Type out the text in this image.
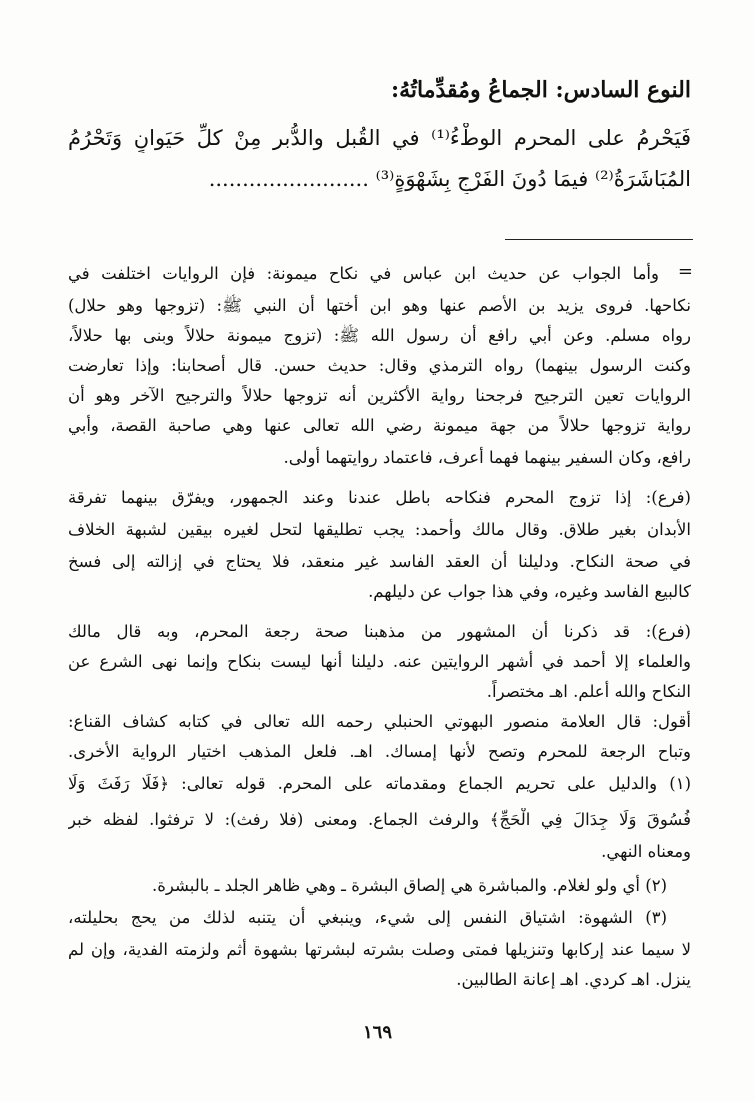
النوع السادس: الجماعُ ومُقدِّماتُهُ:
فَيَحْرمُ على المحرم الوطْءُ⁽¹⁾ في القُبل والدُّبر مِنْ كلِّ حَيَوانٍ وَتَحْرُمُ
المُبَاشَرَةُ⁽²⁾ فيمَا دُونَ الفَرْجِ بِشَهْوَةٍ⁽³⁾ ........................
=
وأما الجواب عن حديث ابن عباس في نكاح ميمونة: فإن الروايات اختلفت في
نكاحها. فروى يزيد بن الأصم عنها وهو ابن أختها أن النبي ﷺ: (تزوجها وهو حلال)
رواه مسلم. وعن أبي رافع أن رسول الله ﷺ: (تزوج ميمونة حلالاً وبنى بها حلالاً،
وكنت الرسول بينهما) رواه الترمذي وقال: حديث حسن. قال أصحابنا: وإذا تعارضت
الروايات تعين الترجيح فرجحنا رواية الأكثرين أنه تزوجها حلالاً والترجيح الآخر وهو أن
رواية تزوجها حلالاً من جهة ميمونة رضي الله تعالى عنها وهي صاحبة القصة، وأبي
رافع، وكان السفير بينهما فهما أعرف، فاعتماد روايتهما أولى.
(فرع): إذا تزوج المحرم فنكاحه باطل عندنا وعند الجمهور، ويفرّق بينهما تفرقة
الأبدان بغير طلاق. وقال مالك وأحمد: يجب تطليقها لتحل لغيره بيقين لشبهة الخلاف
في صحة النكاح. ودليلنا أن العقد الفاسد غير منعقد، فلا يحتاج في إزالته إلى فسخ
كالبيع الفاسد وغيره، وفي هذا جواب عن دليلهم.
(فرع): قد ذكرنا أن المشهور من مذهبنا صحة رجعة المحرم، وبه قال مالك
والعلماء إلا أحمد في أشهر الروايتين عنه. دليلنا أنها ليست بنكاح وإنما نهى الشرع عن
النكاح والله أعلم. اهـ مختصراً.
أقول: قال العلامة منصور البهوتي الحنبلي رحمه الله تعالى في كتابه كشاف القناع:
وتباح الرجعة للمحرم وتصح لأنها إمساك. اهـ. فلعل المذهب اختيار الرواية الأخرى.
(١) والدليل على تحريم الجماع ومقدماته على المحرم. قوله تعالى: ﴿فَلَا رَفَثَ وَلَا
فُسُوقَ وَلَا جِدَالَ فِي الْحَجِّ﴾ والرفث الجماع. ومعنى (فلا رفث): لا ترفثوا. لفظه خبر
ومعناه النهي.
(٢) أي ولو لغلام. والمباشرة هي إلصاق البشرة ـ وهي ظاهر الجلد ـ بالبشرة.
(٣) الشهوة: اشتياق النفس إلى شيء، وينبغي أن يتنبه لذلك من يحج بحليلته،
لا سيما عند إركابها وتنزيلها فمتى وصلت بشرته لبشرتها بشهوة أثم ولزمته الفدية، وإن لم
ينزل. اهـ كردي. اهـ إعانة الطالبين.
١٦٩
